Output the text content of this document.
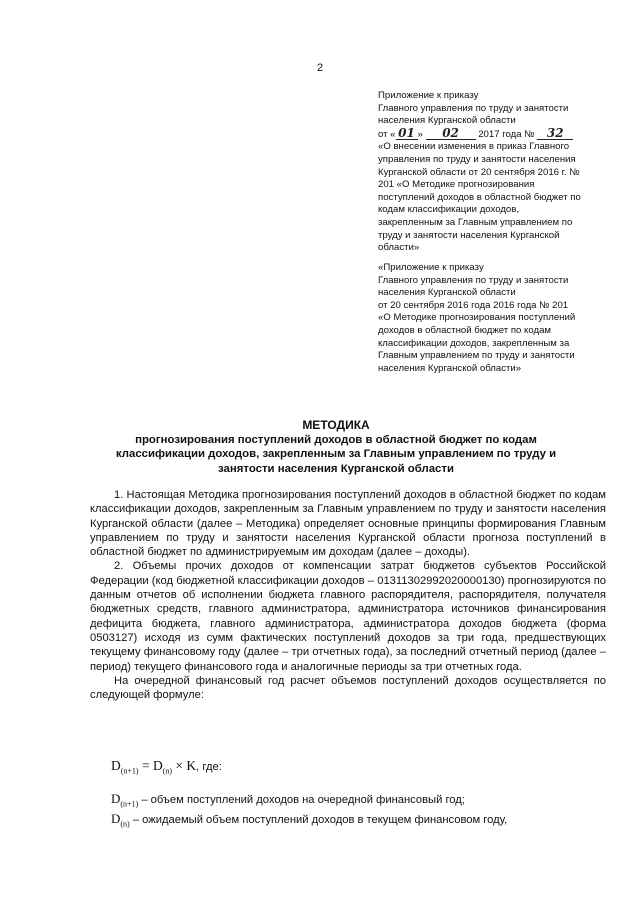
2
Приложение к приказу
Главного управления по труду и занятости
населения Курганской области
от « 01 » 02 2017 года № 32
«О внесении изменения в приказ Главного
управления по труду и занятости населения
Курганской области от 20 сентября 2016 г. №
201 «О Методике прогнозирования
поступлений доходов в областной бюджет по
кодам классификации доходов,
закрепленным за Главным управлением по
труду и занятости населения Курганской
области»
«Приложение к приказу
Главного управления по труду и занятости
населения Курганской области
от 20 сентября 2016 года 2016 года № 201
«О Методике прогнозирования поступлений
доходов в областной бюджет по кодам
классификации доходов, закрепленным за
Главным управлением по труду и занятости
населения Курганской области»
МЕТОДИКА
прогнозирования поступлений доходов в областной бюджет по кодам классификации доходов, закрепленным за Главным управлением по труду и занятости населения Курганской области

1. Настоящая Методика прогнозирования поступлений доходов в областной бюджет по кодам классификации доходов, закрепленным за Главным управлением по труду и занятости населения Курганской области (далее – Методика) определяет основные принципы формирования Главным управлением по труду и занятости населения Курганской области прогноза поступлений в областной бюджет по администрируемым им доходам (далее – доходы).

2. Объемы прочих доходов от компенсации затрат бюджетов субъектов Российской Федерации (код бюджетной классификации доходов – 01311302992020000130) прогнозируются по данным отчетов об исполнении бюджета главного распорядителя, распорядителя, получателя бюджетных средств, главного администратора, администратора источников финансирования дефицита бюджета, главного администратора, администратора доходов бюджета (форма 0503127) исходя из сумм фактических поступлений доходов за три года, предшествующих текущему финансовому году (далее – три отчетных года), за последний отчетный период (далее – период) текущего финансового года и аналогичные периоды за три отчетных года.

На очередной финансовый год расчет объемов поступлений доходов осуществляется по следующей формуле:

$D_{(n+1)} = D_{(n)} \times K$, где:
$D_{(n+1)}$ – объем поступлений доходов на очередной финансовый год;
$D_{(n)}$ – ожидаемый объем поступлений доходов в текущем финансовом году,
